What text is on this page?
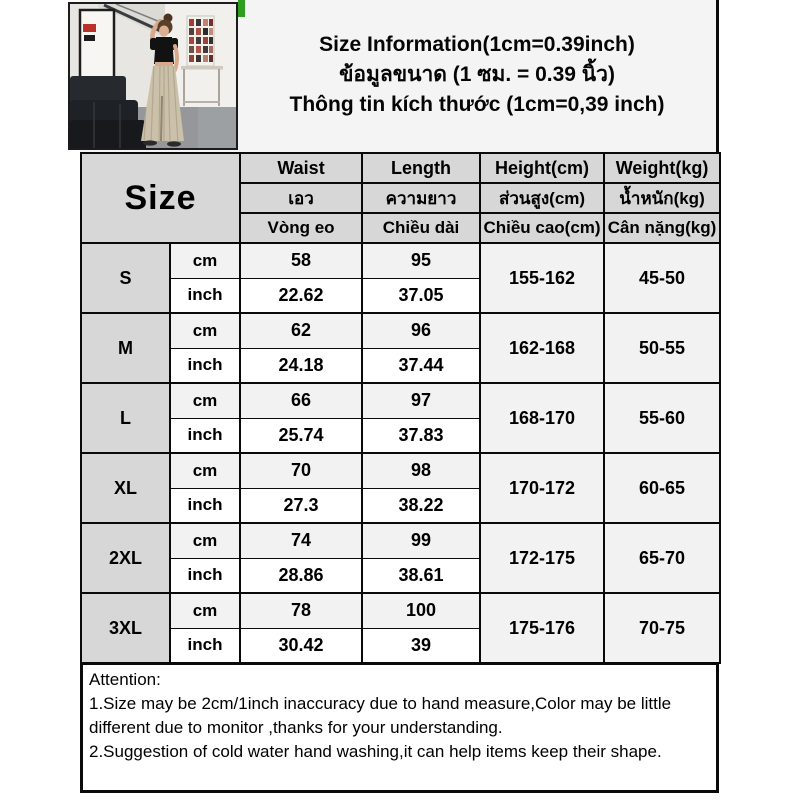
Size Information(1cm=0.39inch)
ข้อมูลขนาด (1 ซม. = 0.39 นิ้ว)
Thông tin kích thước (1cm=0,39 inch)
Size		Waist	Length	Height(cm)	Weight(kg)
		เอว	ความยาว	ส่วนสูง(cm)	น้ำหนัก(kg)
		Vòng eo	Chiều dài	Chiều cao(cm)	Cân nặng(kg)
S	cm	58	95	155-162	45-50
	inch	22.62	37.05		
M	cm	62	96	162-168	50-55
	inch	24.18	37.44		
L	cm	66	97	168-170	55-60
	inch	25.74	37.83		
XL	cm	70	98	170-172	60-65
	inch	27.3	38.22		
2XL	cm	74	99	172-175	65-70
	inch	28.86	38.61		
3XL	cm	78	100	175-176	70-75
	inch	30.42	39		
Attention:
1.Size may be 2cm/1inch inaccuracy due to hand measure,Color may be little different due to monitor ,thanks for your understanding.
2.Suggestion of cold water hand washing,it can help items keep their shape.
